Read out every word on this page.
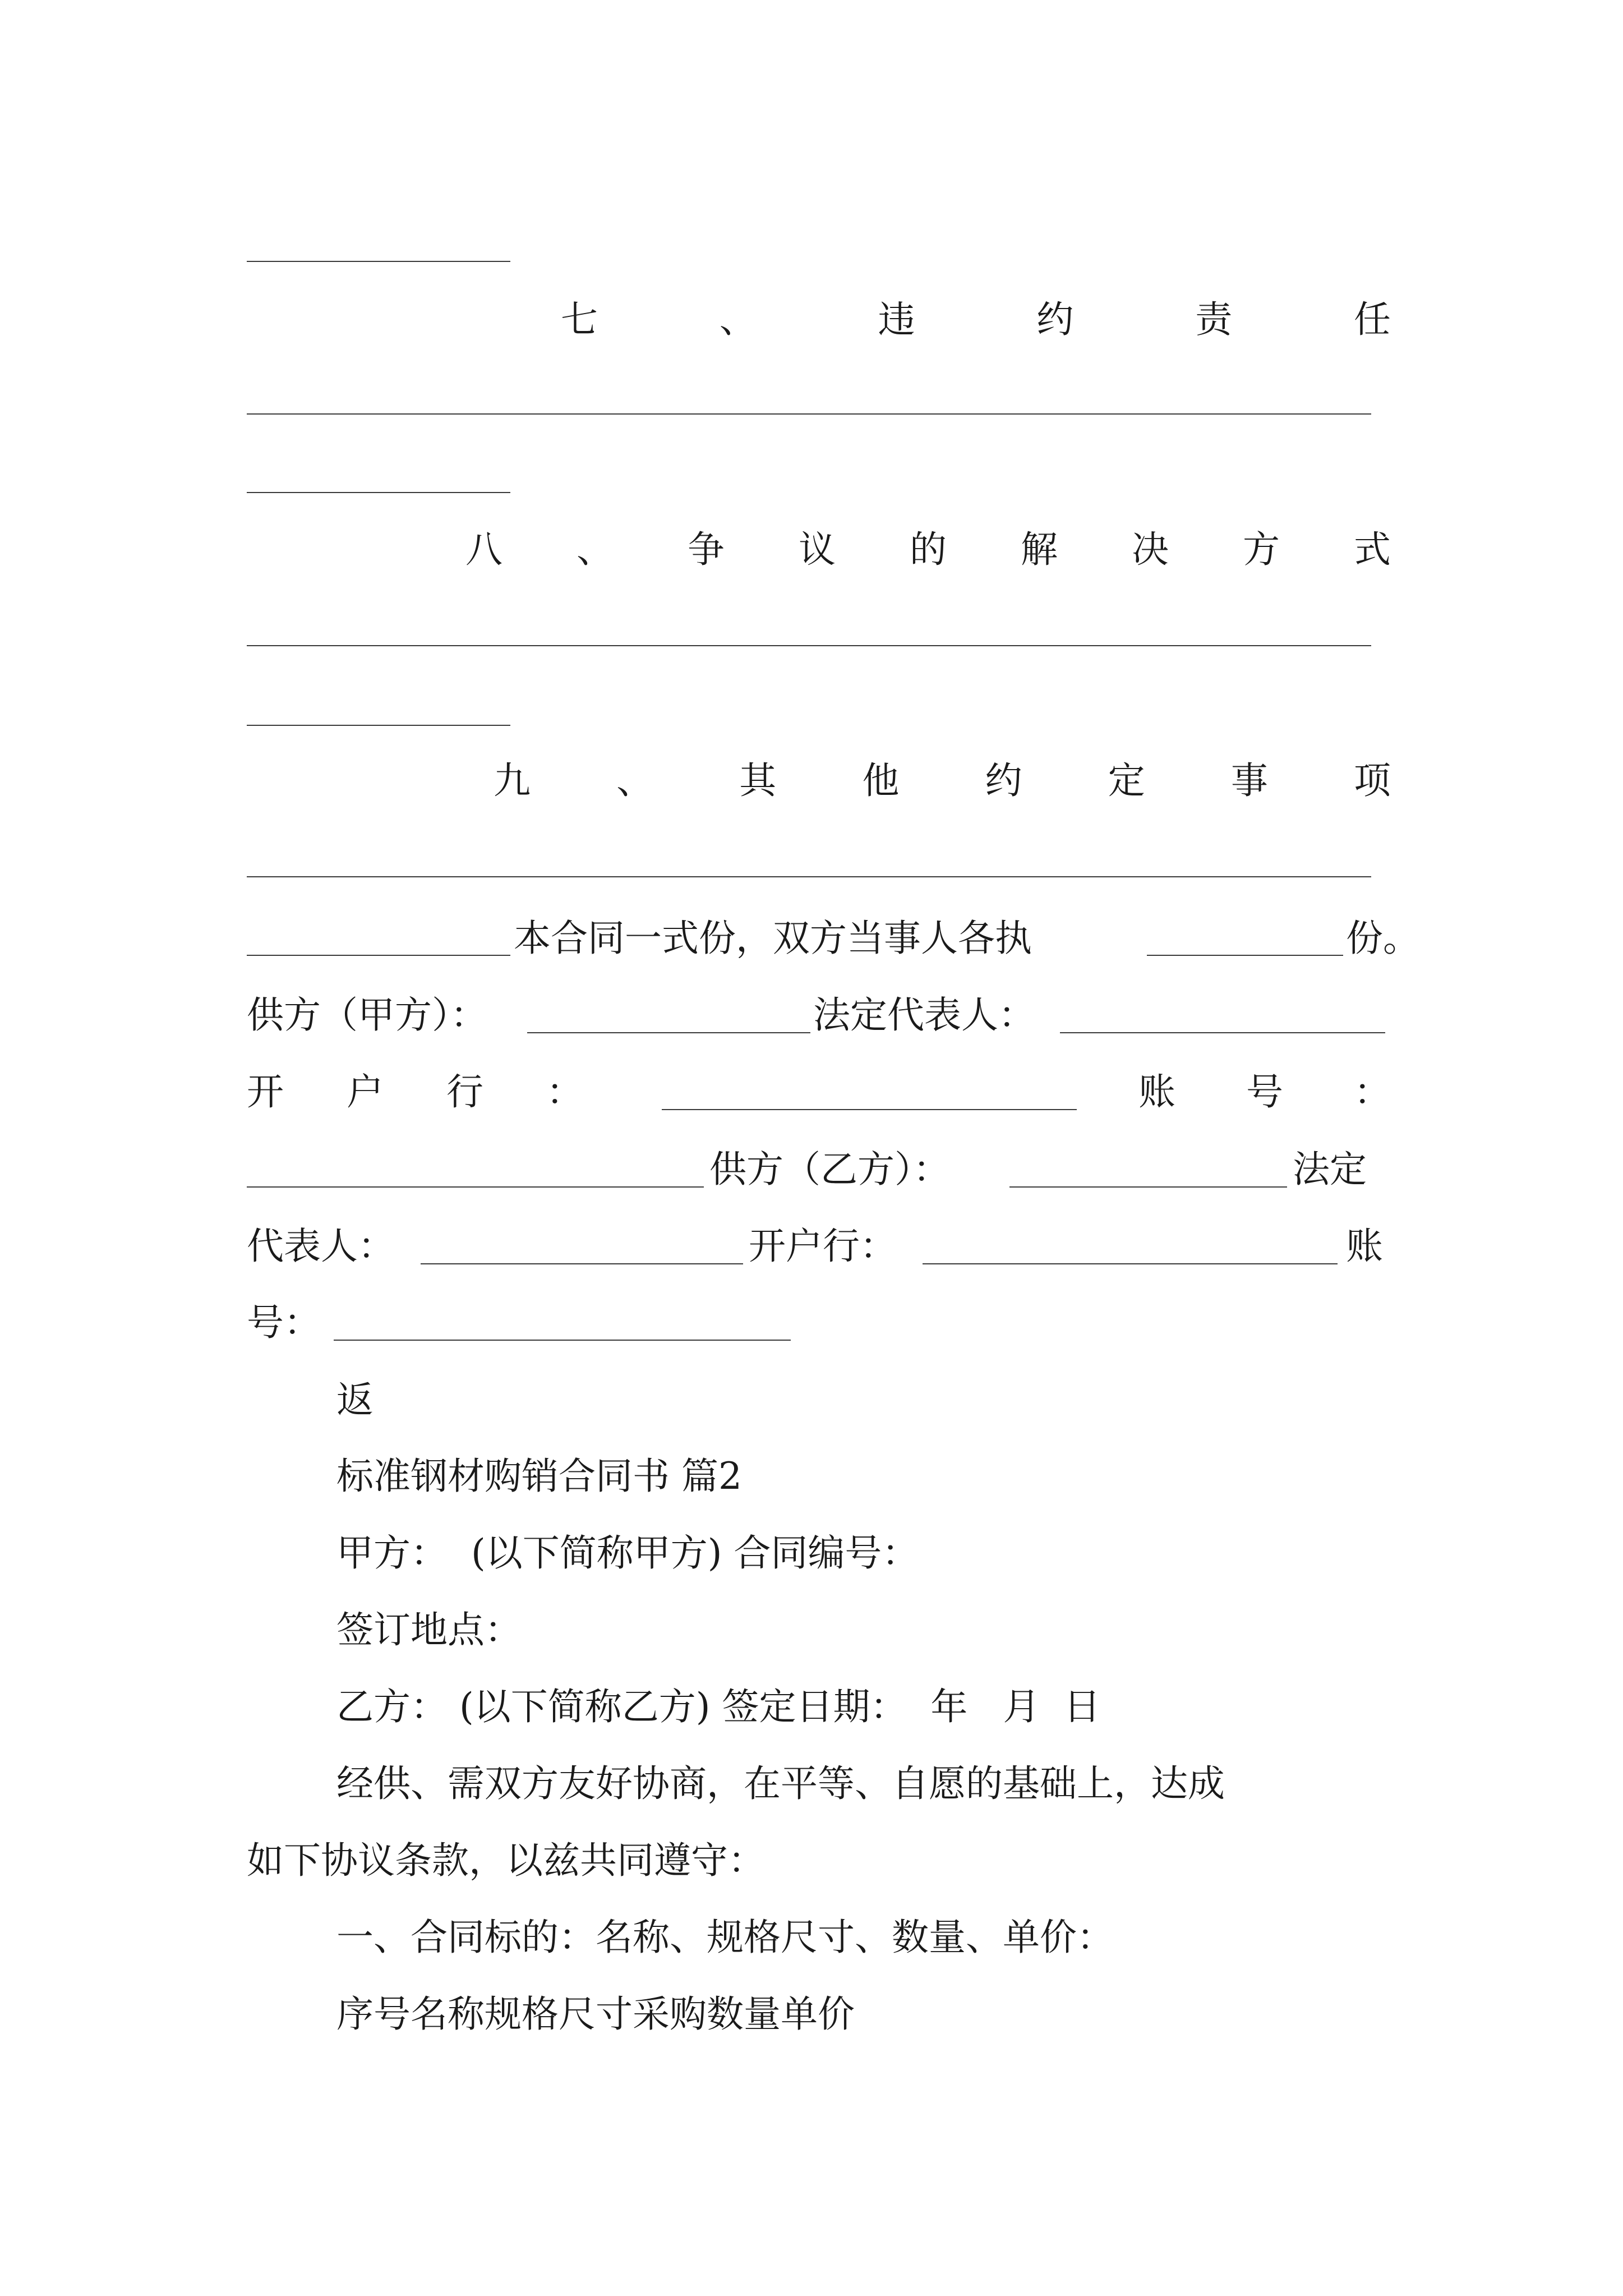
七	、	违	约	责	任
八 、 争 议 的 解 决 方 式
九 、 其 他 约 定 事 项
本合同一式份，双方当事人各执	份。
供方（甲方）：	法定代表人：
开 户 行 ：	账 号 ：
供方（乙方）：	法定
代表人：	开户行：	账
号：
返
标准钢材购销合同书 篇2
甲方：  (以下简称甲方) 合同编号：
签订地点：
乙方： (以下简称乙方) 签定日期：  年   月  日
经供、需双方友好协商，在平等、自愿的基础上，达成
如下协议条款，以兹共同遵守：
一、合同标的：名称、规格尺寸、数量、单价：
序号名称规格尺寸采购数量单价
